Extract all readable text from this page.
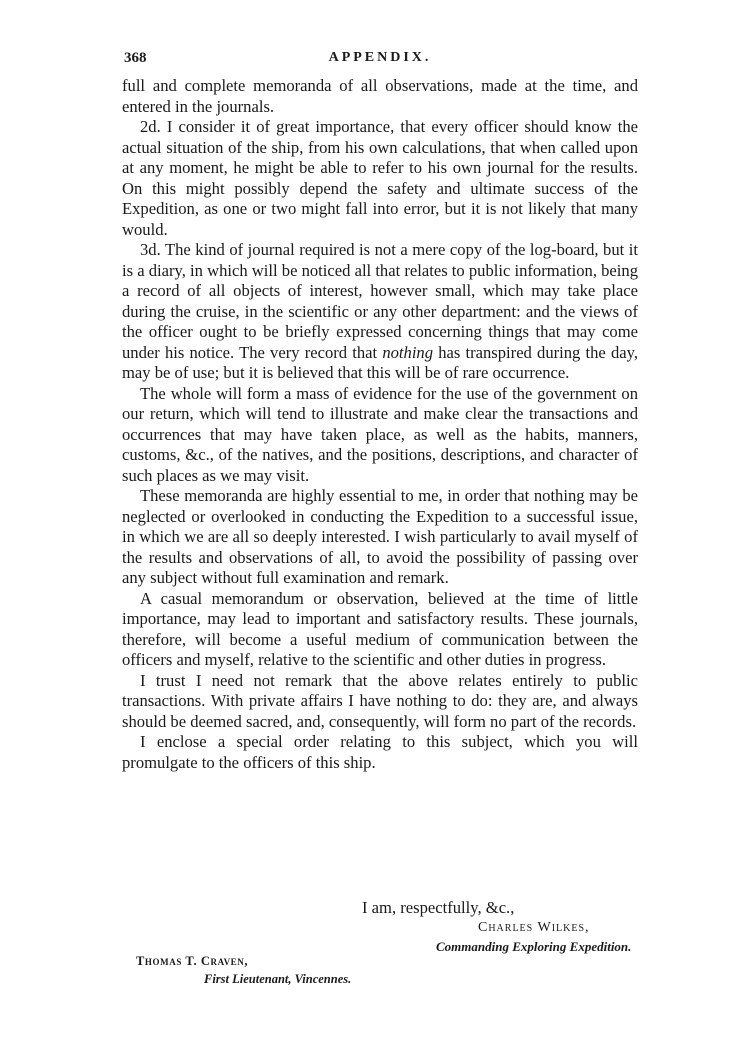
368	APPENDIX.

full and complete memoranda of all observations, made at the time, and entered in the journals.

2d. I consider it of great importance, that every officer should know the actual situation of the ship, from his own calculations, that when called upon at any moment, he might be able to refer to his own journal for the results. On this might possibly depend the safety and ultimate success of the Expedition, as one or two might fall into error, but it is not likely that many would.

3d. The kind of journal required is not a mere copy of the log-board, but it is a diary, in which will be noticed all that relates to public information, being a record of all objects of interest, however small, which may take place during the cruise, in the scientific or any other department: and the views of the officer ought to be briefly expressed concerning things that may come under his notice. The very record that nothing has transpired during the day, may be of use; but it is believed that this will be of rare occurrence.

The whole will form a mass of evidence for the use of the government on our return, which will tend to illustrate and make clear the transactions and occurrences that may have taken place, as well as the habits, manners, customs, &c., of the natives, and the positions, descriptions, and character of such places as we may visit.

These memoranda are highly essential to me, in order that nothing may be neglected or overlooked in conducting the Expedition to a successful issue, in which we are all so deeply interested. I wish particularly to avail myself of the results and observations of all, to avoid the possibility of passing over any subject without full examination and remark.

A casual memorandum or observation, believed at the time of little importance, may lead to important and satisfactory results. These journals, therefore, will become a useful medium of communication between the officers and myself, relative to the scientific and other duties in progress.

I trust I need not remark that the above relates entirely to public transactions. With private affairs I have nothing to do: they are, and always should be deemed sacred, and, consequently, will form no part of the records.

I enclose a special order relating to this subject, which you will promulgate to the officers of this ship.

I am, respectfully, &c.,
Charles Wilkes,
Commanding Exploring Expedition.
Thomas T. Craven,
First Lieutenant, Vincennes.
